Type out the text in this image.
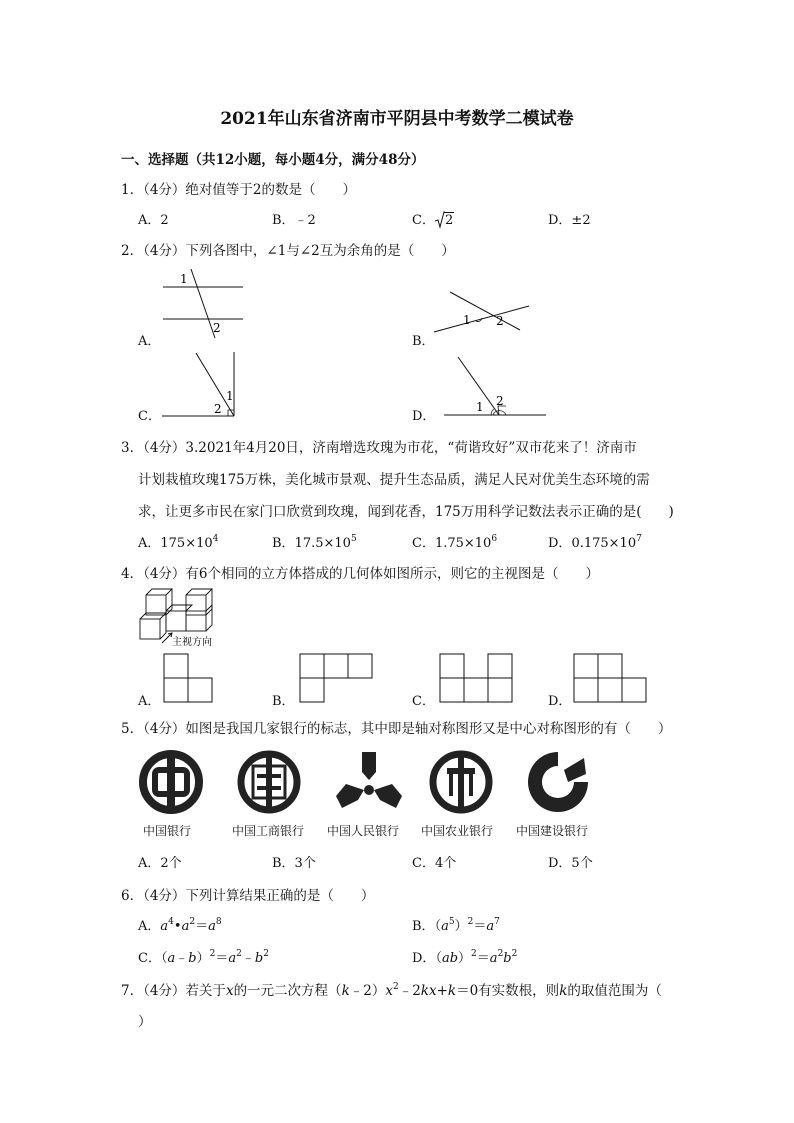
2021年山东省济南市平阴县中考数学二模试卷
一、选择题（共12小题，每小题4分，满分48分）
1．（4分）绝对值等于2的数是（　　）
A．2	B．﹣2	C． 2	D．±2
2．（4分）下列各图中，∠1与∠2互为余角的是（　　）
1
2
A．
1 2
B．
1
2
C．
1 2
D．
3．（4分）3.2021年4月20日，济南增选玫瑰为市花，“荷谐玫好”双市花来了！济南市
计划栽植玫瑰175万株，美化城市景观、提升生态品质，满足人民对优美生态环境的需
求，让更多市民在家门口欣赏到玫瑰，闻到花香，175万用科学记数法表示正确的是(　　)
A．$175\times 10^4$	B．$17.5\times 10^5$	C．$1.75\times 10^6$	D．$0.175\times 10^7$
4．（4分）有6个相同的立方体搭成的几何体如图所示，则它的主视图是（　　）
主视方向
A．	B．	C．	D．
5．（4分）如图是我国几家银行的标志，其中即是轴对称图形又是中心对称图形的有（　　）
中国银行	中国工商银行 中国人民银行 中国农业银行 中国建设银行
A．2个	B．3个	C．4个	D．5个
6．（4分）下列计算结果正确的是（　　）
A．$a^4•a^2=a^8$	B．$(a^5)^2=a^7$
C．$(a﹣b)^2=a^2﹣b^2$	D．$(ab)^2=a^2b^2$
7．（4分）若关于x的一元二次方程$(k﹣2)x^2﹣2kx+k=0$有实数根，则k的取值范围为（
）
